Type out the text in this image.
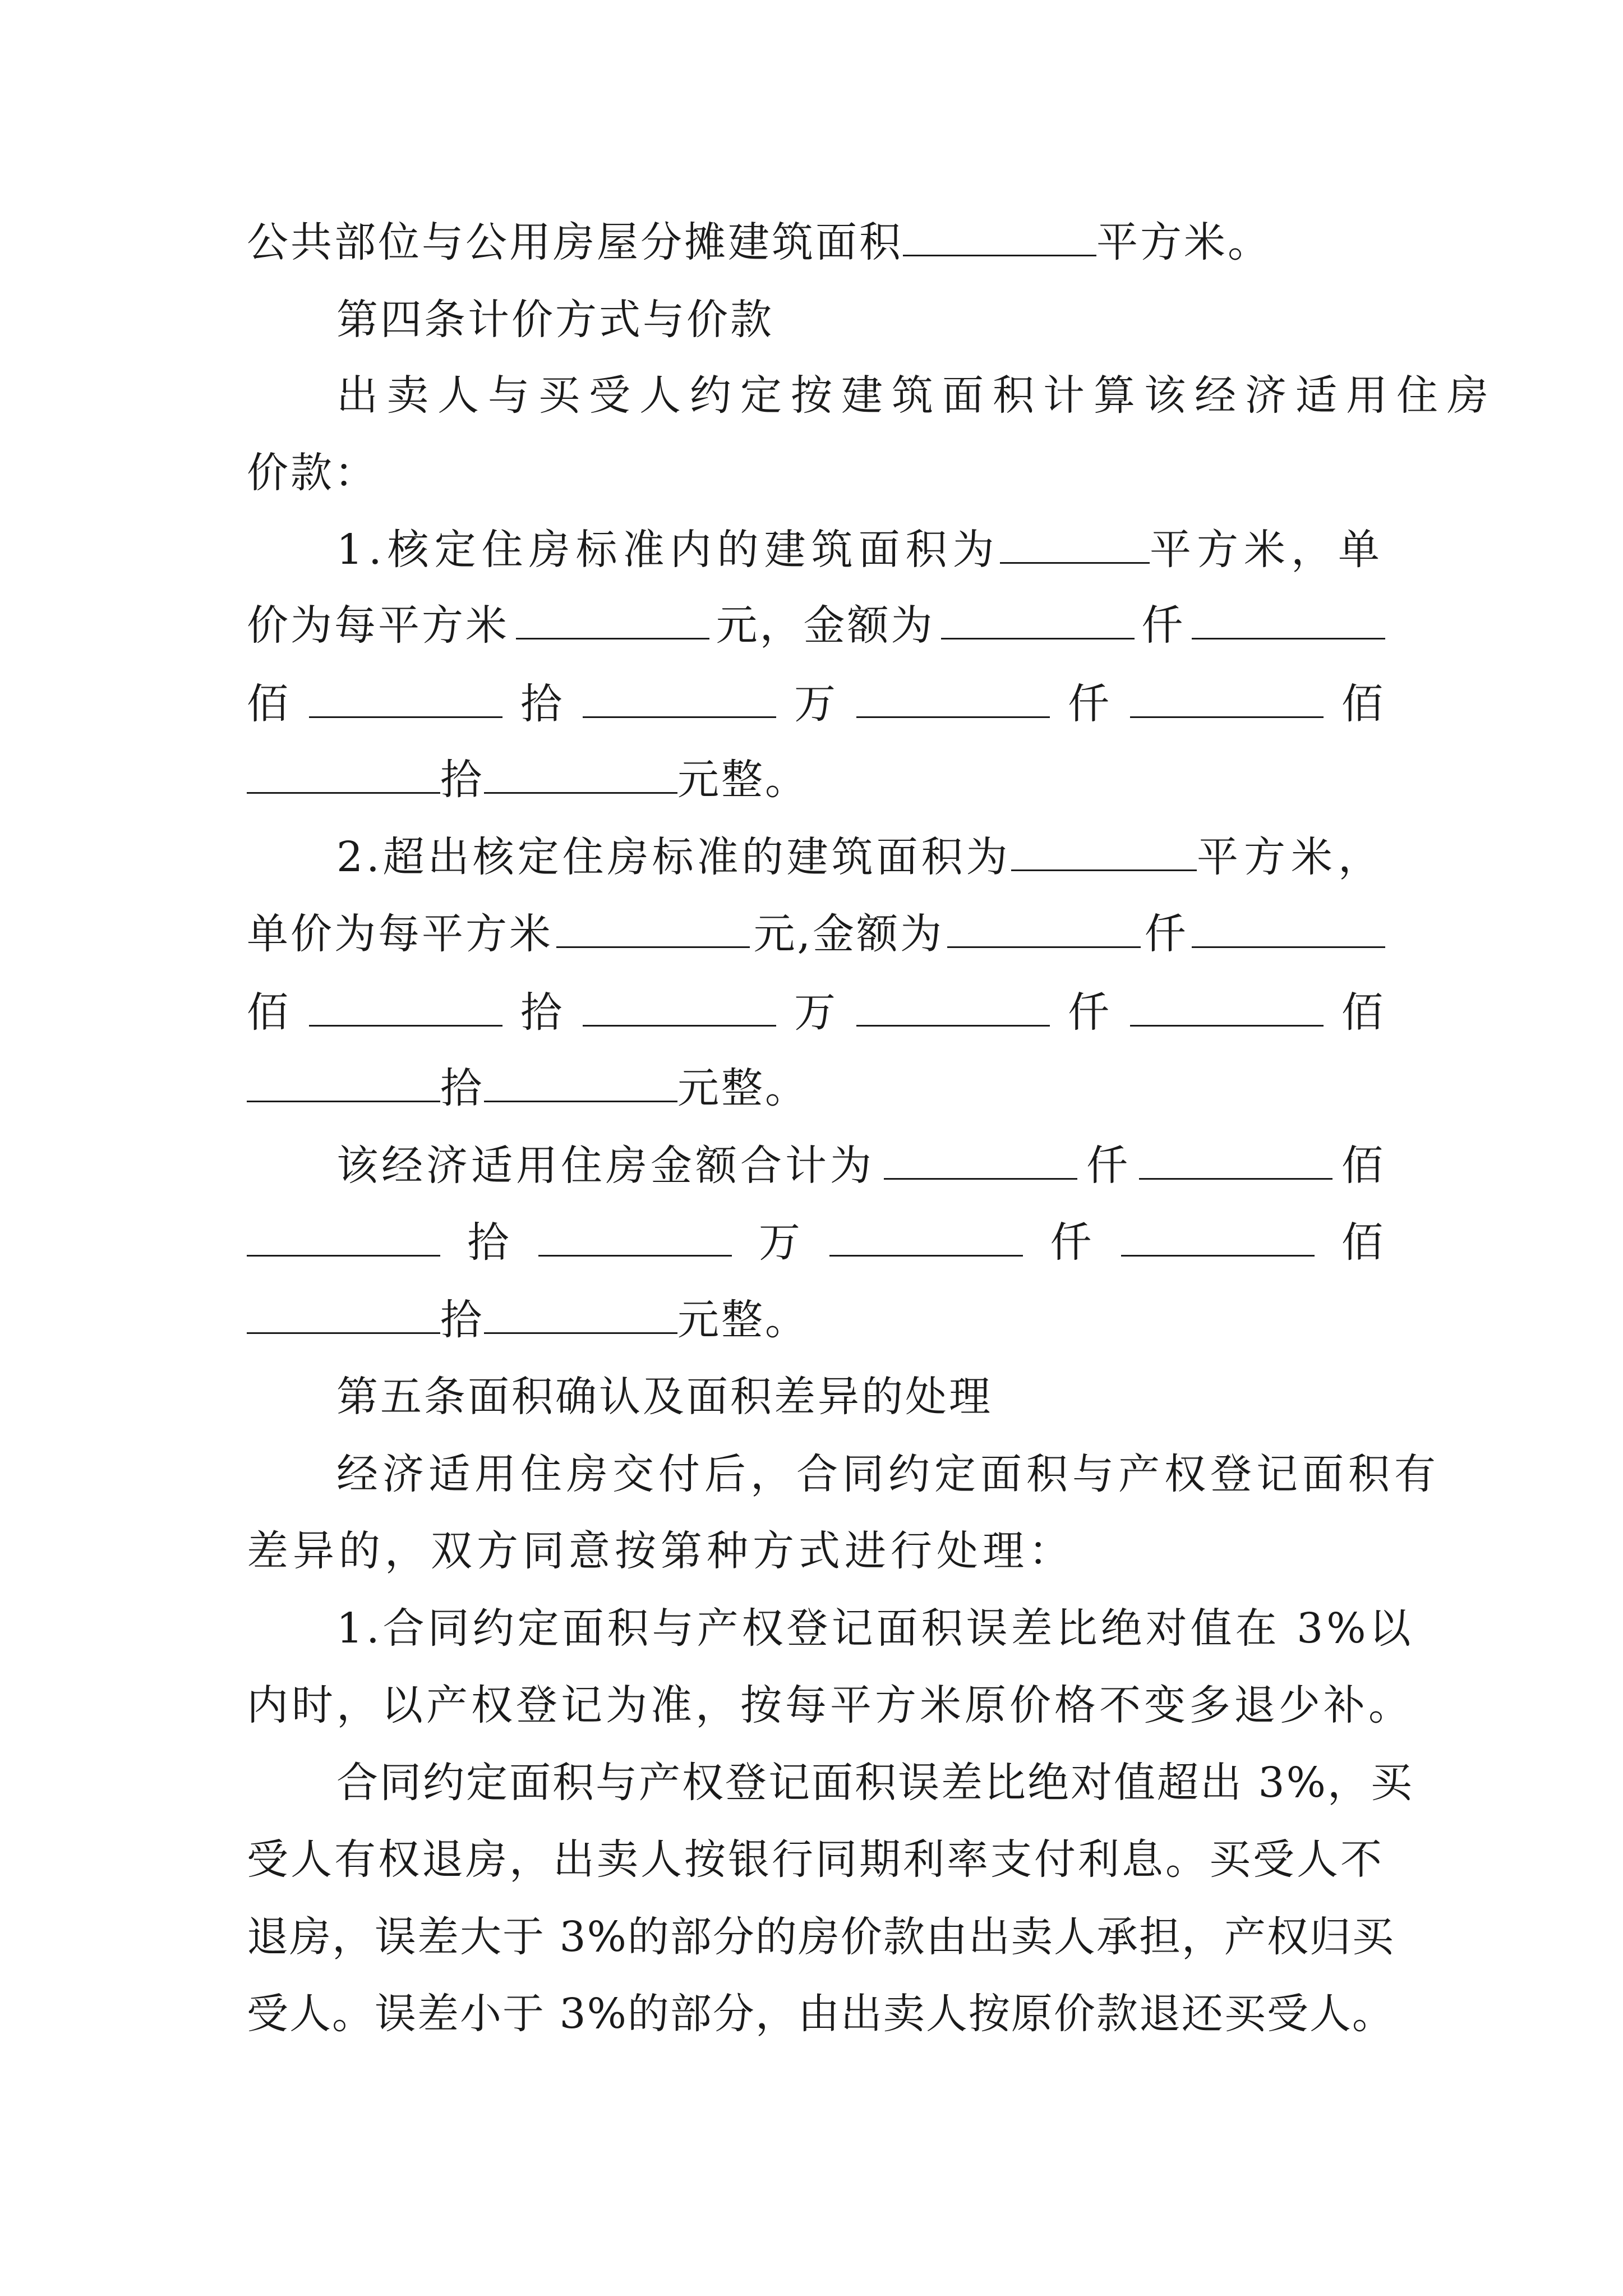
公共部位与公用房屋分摊建筑面积	平方米。
第四条计价方式与价款
出卖人与买受人约定按建筑面积计算该经济适用住房
价款：
1.核定住房标准内的建筑面积为	平方米，单
价为每平方米	元，金额为	仟
佰	拾	万	仟	佰
拾	元整。
2.超出核定住房标准的建筑面积为	平方米，
单价为每平方米	元,金额为	仟
佰	拾	万	仟	佰
拾	元整。
该经济适用住房金额合计为	仟	佰
拾	万	仟	佰
拾	元整。
第五条面积确认及面积差异的处理
经济适用住房交付后，合同约定面积与产权登记面积有
差异的，双方同意按第种方式进行处理：
1.合同约定面积与产权登记面积误差比绝对值在 3%以
内时，以产权登记为准，按每平方米原价格不变多退少补。
合同约定面积与产权登记面积误差比绝对值超出 3%，买
受人有权退房，出卖人按银行同期利率支付利息。买受人不
退房，误差大于 3%的部分的房价款由出卖人承担，产权归买
受人。误差小于 3%的部分，由出卖人按原价款退还买受人。
